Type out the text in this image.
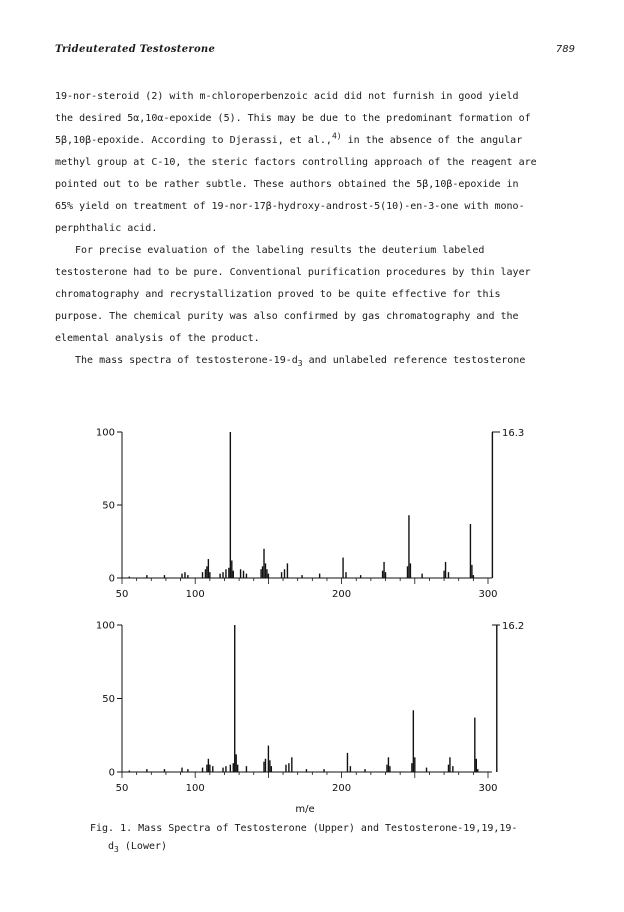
Trideuterated Testosterone	789
19-nor-steroid (2) with m-chloroperbenzoic acid did not furnish in good yield
the desired 5α,10α-epoxide (5). This may be due to the predominant formation of
5β,10β-epoxide. According to Djerassi, et al.,$^{4)}$ in the absence of the angular
methyl group at C-10, the steric factors controlling approach of the reagent are
pointed out to be rather subtle. These authors obtained the 5β,10β-epoxide in
65% yield on treatment of 19-nor-17β-hydroxy-androst-5(10)-en-3-one with mono-
perphthalic acid.
For precise evaluation of the labeling results the deuterium labeled
testosterone had to be pure. Conventional purification procedures by thin layer
chromatography and recrystallization proved to be quite effective for this
purpose. The chemical purity was also confirmed by gas chromatography and the
elemental analysis of the product.
The mass spectra of testosterone-$19-d_3$ and unlabeled reference testosterone
0
50
100
50	100	200	300
16.3
0
50
100
50	100	200	300
16.2
m/e
Fig. 1. Mass Spectra of Testosterone (Upper) and Testosterone-19,19,19-
$d_3$ (Lower)
